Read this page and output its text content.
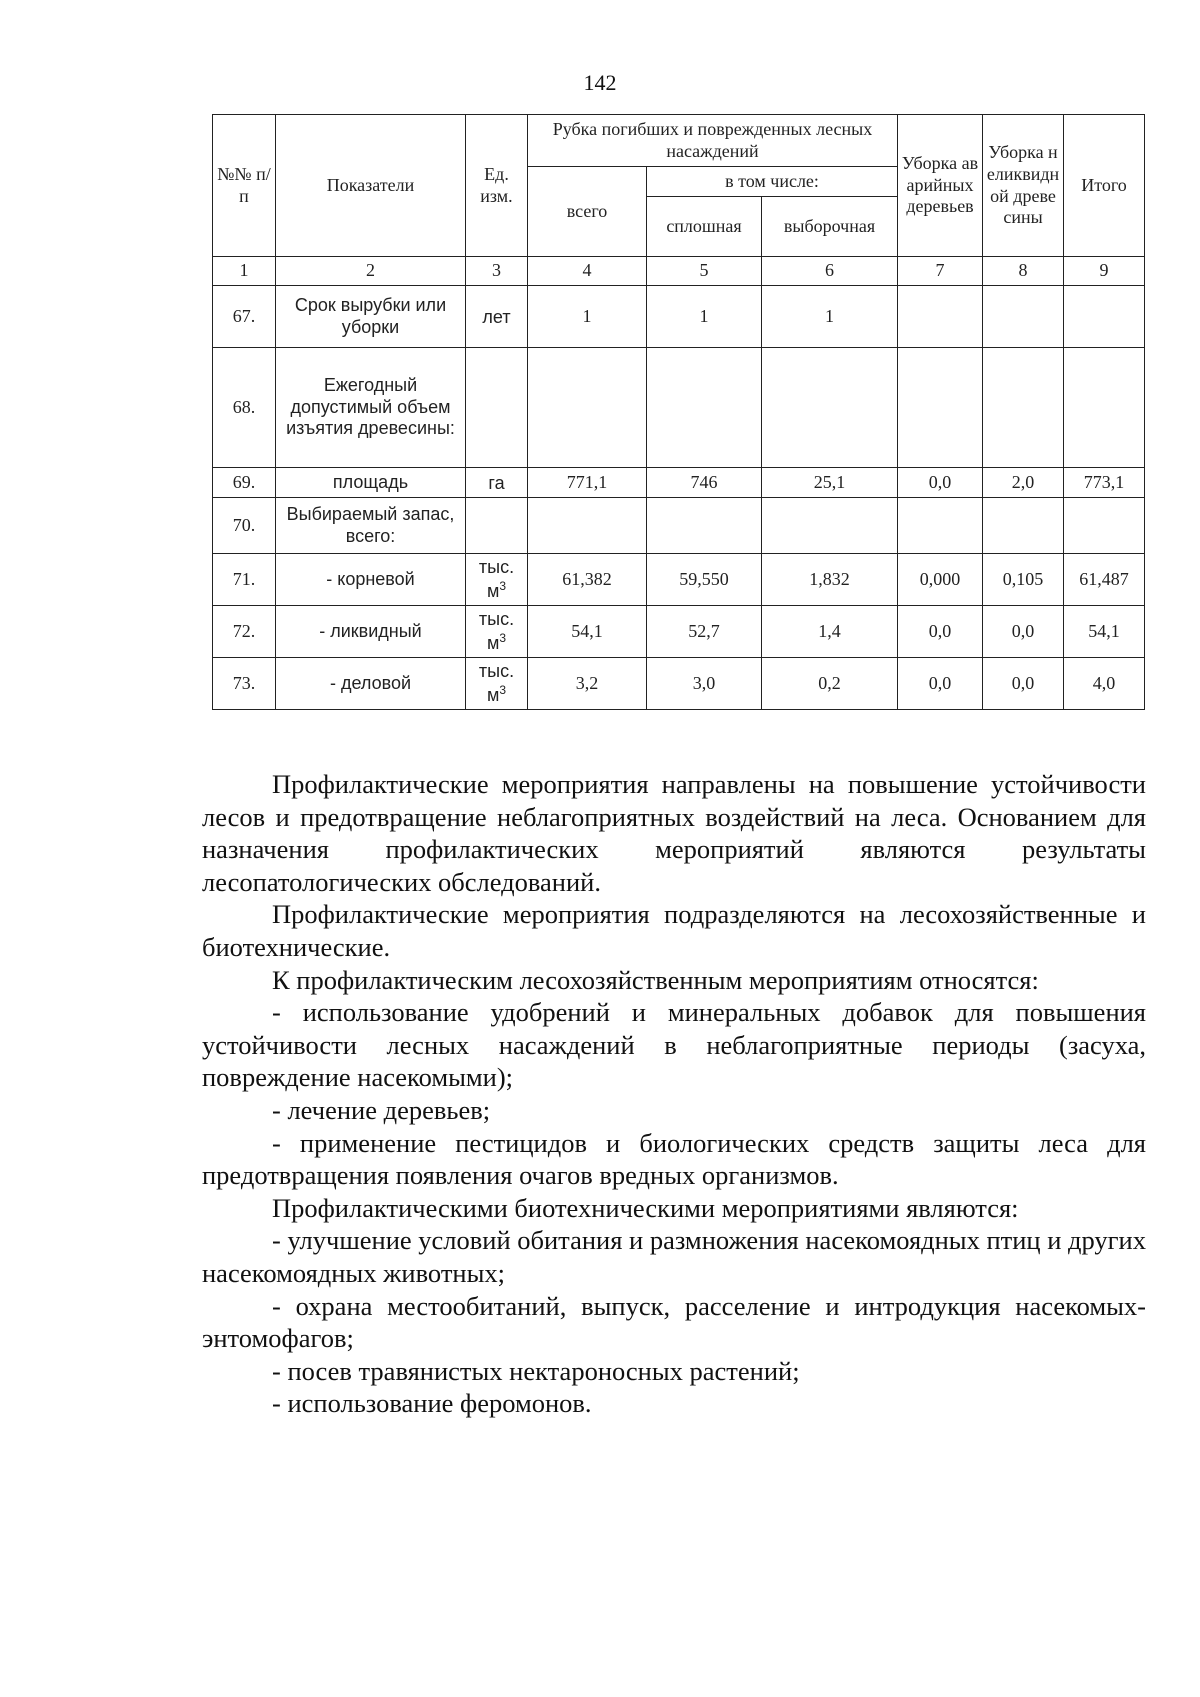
142
№№ п/п	Показатели	Ед. изм.	Рубка погибших и поврежденных лесных насаждений			Уборка аварийных деревьев	Уборка неликвидной древесины	Итого
			всего	в том числе:				
				сплошная	выборочная			
1	2	3	4	5	6	7	8	9
67.	Срок вырубки или уборки	лет	1	1	1			
68.	Ежегодный допустимый объем изъятия древесины:							
69.	площадь	га	771,1	746	25,1	0,0	2,0	773,1
70.	Выбираемый запас, всего:							
71.	- корневой	тыс. $м^3$	61,382	59,550	1,832	0,000	0,105	61,487
72.	- ликвидный	тыс. $м^3$	54,1	52,7	1,4	0,0	0,0	54,1
73.	- деловой	тыс. $м^3$	3,2	3,0	0,2	0,0	0,0	4,0

Профилактические мероприятия направлены на повышение устойчивости лесов и предотвращение неблагоприятных воздействий на леса. Основанием для назначения профилактических мероприятий являются результаты лесопатологических обследований.

Профилактические мероприятия подразделяются на лесохозяйственные и биотехнические.

К профилактическим лесохозяйственным мероприятиям относятся:

- использование удобрений и минеральных добавок для повышения устойчивости лесных насаждений в неблагоприятные периоды (засуха, повреждение насекомыми);

- лечение деревьев;

- применение пестицидов и биологических средств защиты леса для предотвращения появления очагов вредных организмов.

Профилактическими биотехническими мероприятиями являются:

- улучшение условий обитания и размножения насекомоядных птиц и других насекомоядных животных;

- охрана местообитаний, выпуск, расселение и интродукция насекомых-энтомофагов;

- посев травянистых нектароносных растений;

- использование феромонов.
